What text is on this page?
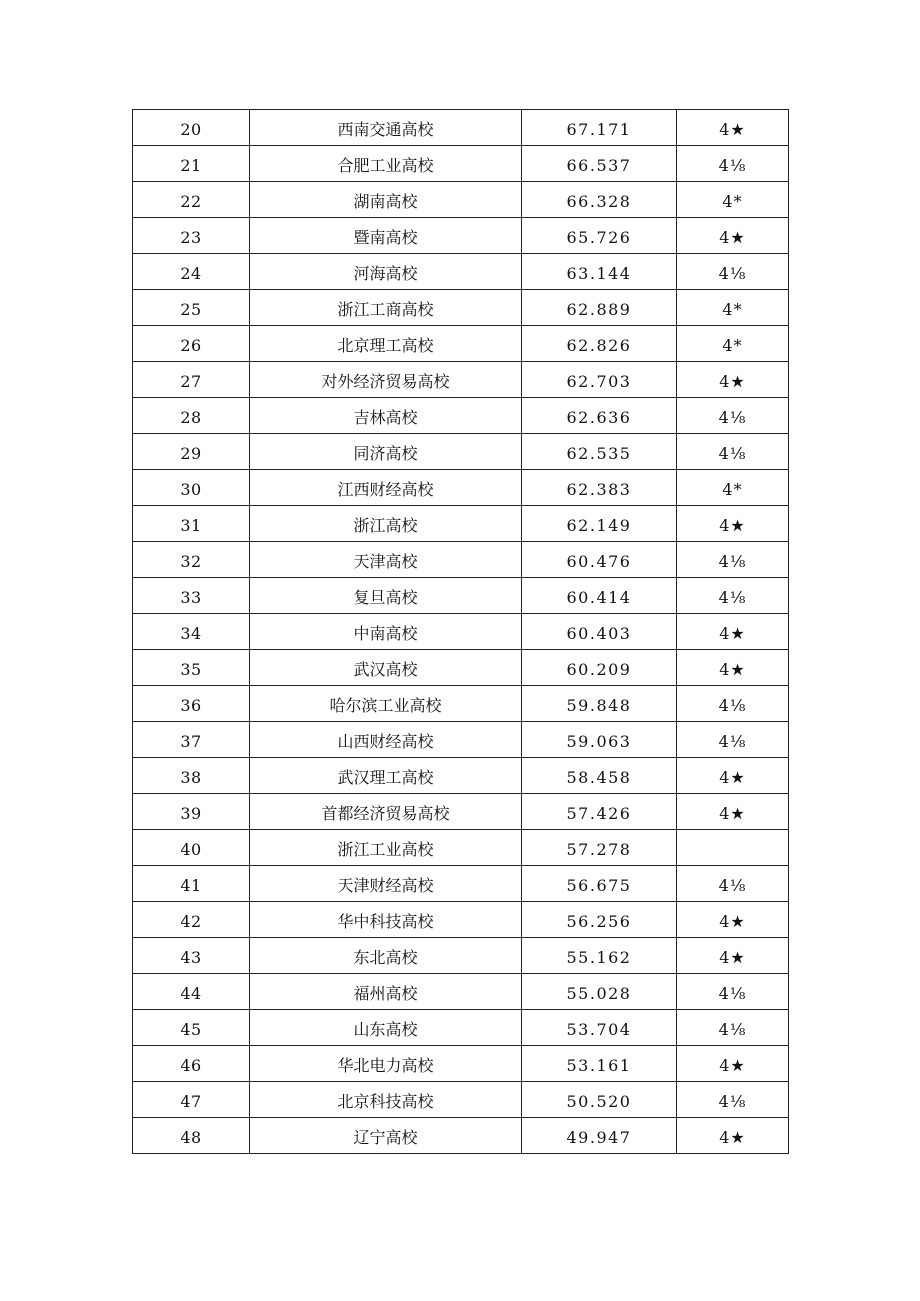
20	西南交通高校	67.171	4★
21	合肥工业高校	66.537	4⅛
22	湖南高校	66.328	4*
23	暨南高校	65.726	4★
24	河海高校	63.144	4⅛
25	浙江工商高校	62.889	4*
26	北京理工高校	62.826	4*
27	对外经济贸易高校	62.703	4★
28	吉林高校	62.636	4⅛
29	同济高校	62.535	4⅛
30	江西财经高校	62.383	4*
31	浙江高校	62.149	4★
32	天津高校	60.476	4⅛
33	复旦高校	60.414	4⅛
34	中南高校	60.403	4★
35	武汉高校	60.209	4★
36	哈尔滨工业高校	59.848	4⅛
37	山西财经高校	59.063	4⅛
38	武汉理工高校	58.458	4★
39	首都经济贸易高校	57.426	4★
40	浙江工业高校	57.278	
41	天津财经高校	56.675	4⅛
42	华中科技高校	56.256	4★
43	东北高校	55.162	4★
44	福州高校	55.028	4⅛
45	山东高校	53.704	4⅛
46	华北电力高校	53.161	4★
47	北京科技高校	50.520	4⅛
48	辽宁高校	49.947	4★
